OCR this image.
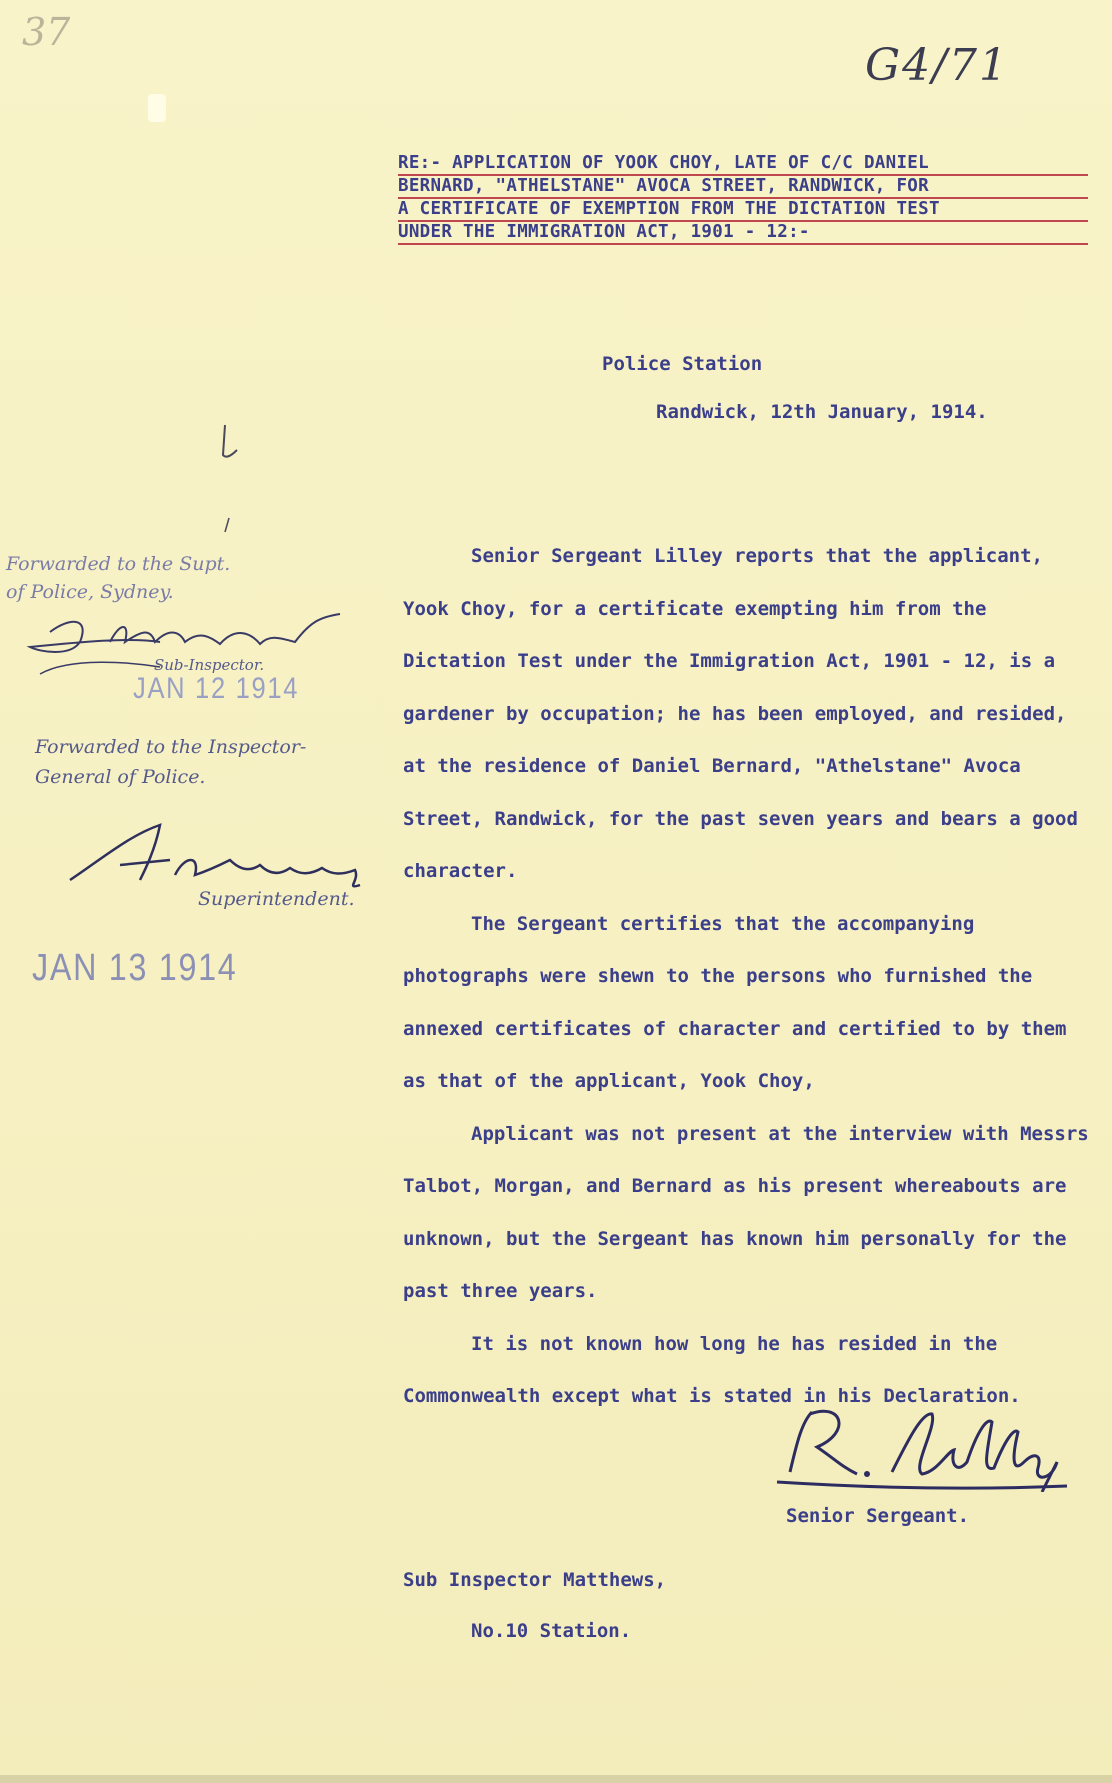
37
G4/71
RE:- APPLICATION OF YOOK CHOY, LATE OF C/C DANIEL
BERNARD, "ATHELSTANE" AVOCA STREET, RANDWICK, FOR
A CERTIFICATE OF EXEMPTION FROM THE DICTATION TEST
UNDER THE IMMIGRATION ACT, 1901 - 12:-
Police Station
Randwick, 12th January, 1914.

Senior Sergeant Lilley reports that the applicant, Yook Choy, for a certificate exempting him from the Dictation Test under the Immigration Act, 1901 - 12, is a gardener by occupation; he has been employed, and resided, at the residence of Daniel Bernard, "Athelstane" Avoca Street, Randwick, for the past seven years and bears a good character.

The Sergeant certifies that the accompanying photographs were shewn to the persons who furnished the annexed certificates of character and certified to by them as that of the applicant, Yook Choy,

Applicant was not present at the interview with Messrs Talbot, Morgan, and Bernard as his present whereabouts are unknown, but the Sergeant has known him personally for the past three years.

It is not known how long he has resided in the Commonwealth except what is stated in his Declaration.

Senior Sergeant.
Sub Inspector Matthews,
No.10 Station.
Forwarded to the Supt.
of Police, Sydney.
Sub-Inspector.
JAN 12 1914
Forwarded to the Inspector-
General of Police.
Superintendent.
JAN 13 1914
